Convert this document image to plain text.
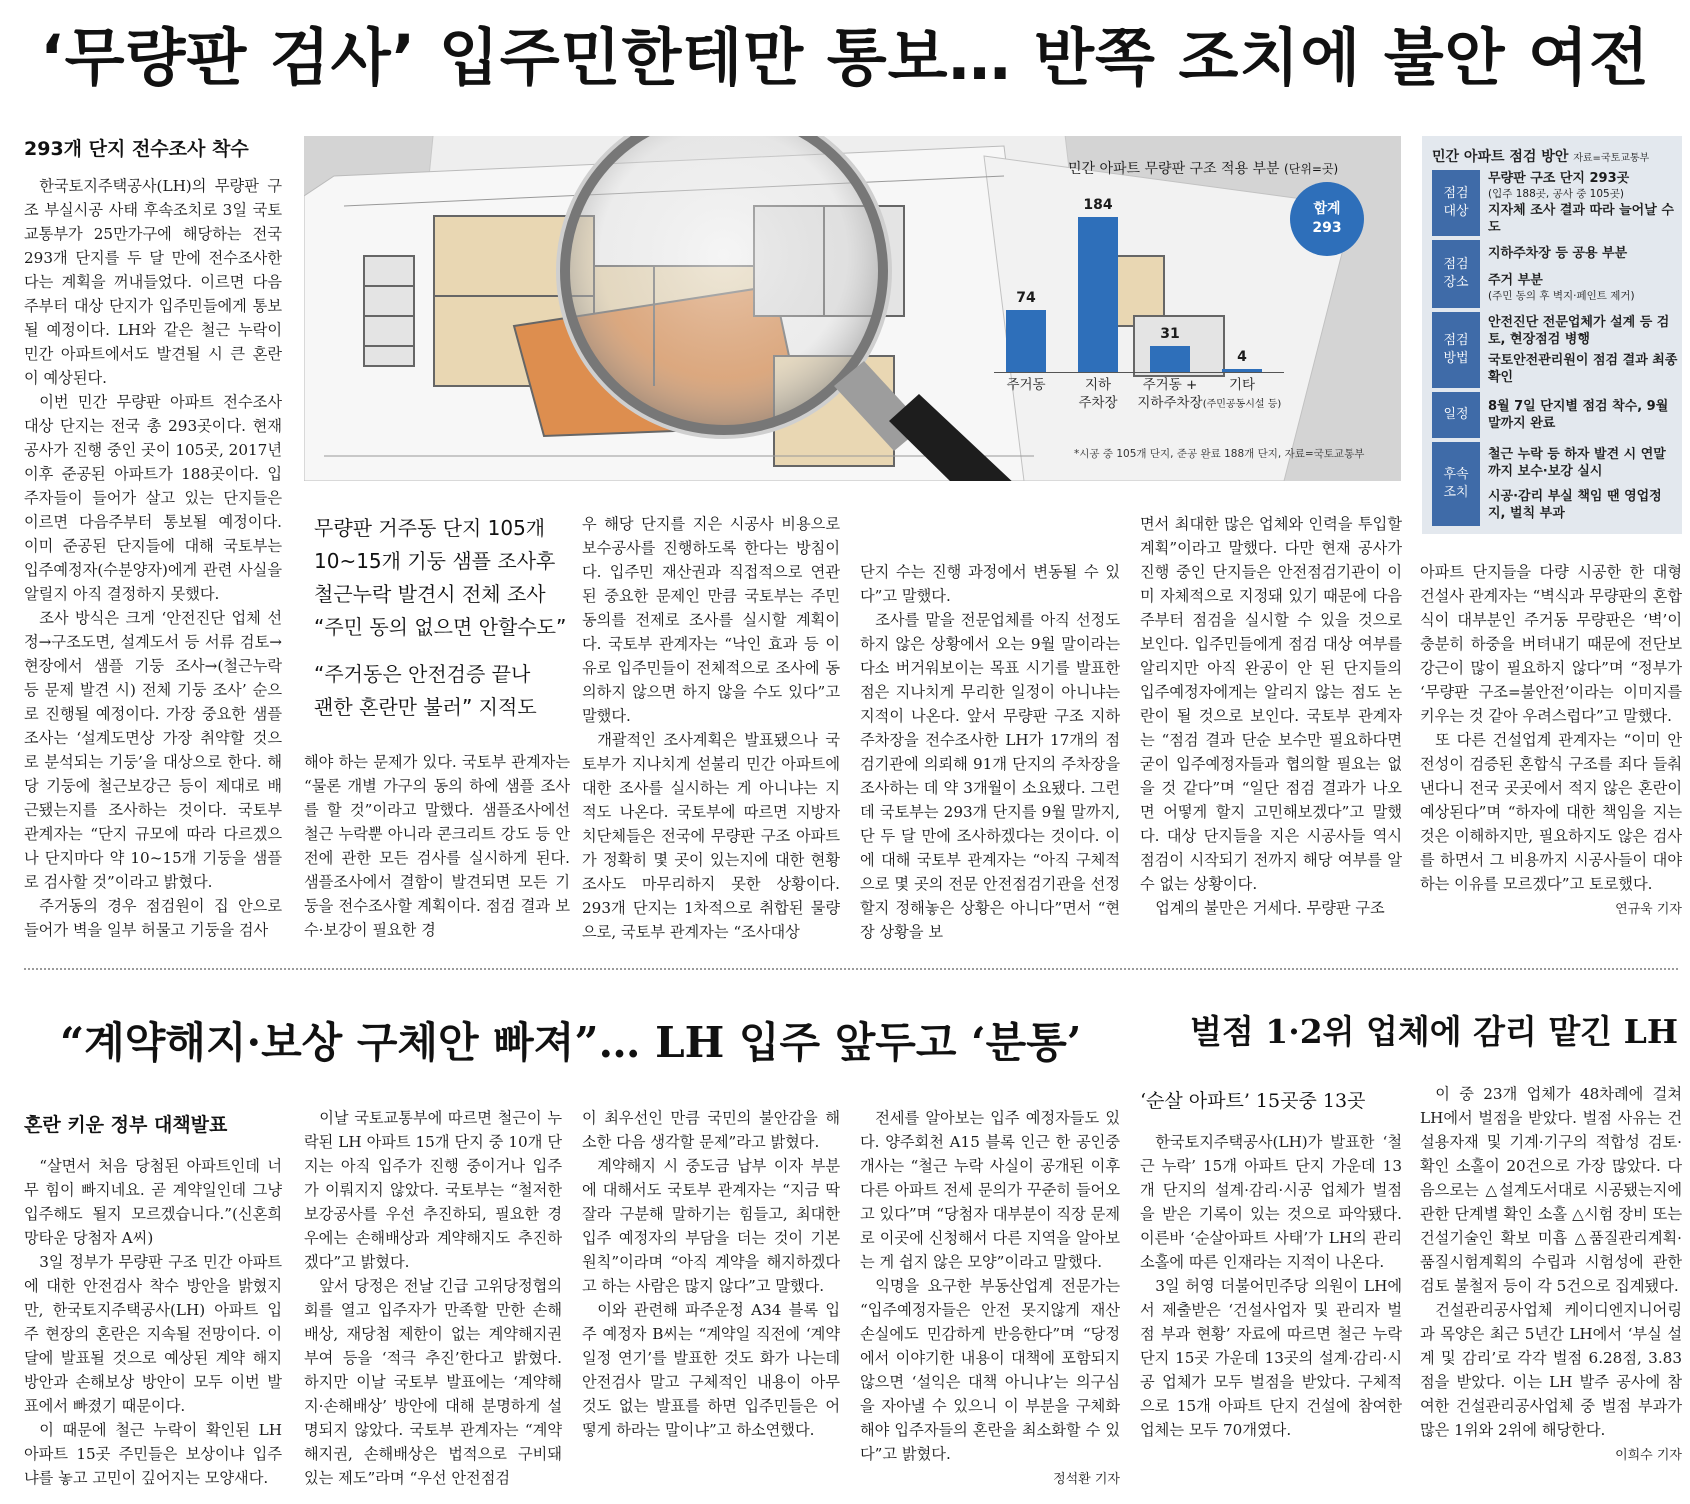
‘무량판 검사’ 입주민한테만 통보… 반쪽 조치에 불안 여전
293개 단지 전수조사 착수

한국토지주택공사(LH)의 무량판 구조 부실시공 사태 후속조치로 3일 국토교통부가 25만가구에 해당하는 전국 293개 단지를 두 달 만에 전수조사한다는 계획을 꺼내들었다. 이르면 다음주부터 대상 단지가 입주민들에게 통보될 예정이다. LH와 같은 철근 누락이 민간 아파트에서도 발견될 시 큰 혼란이 예상된다.

이번 민간 무량판 아파트 전수조사 대상 단지는 전국 총 293곳이다. 현재 공사가 진행 중인 곳이 105곳, 2017년 이후 준공된 아파트가 188곳이다. 입주자들이 들어가 살고 있는 단지들은 이르면 다음주부터 통보될 예정이다. 이미 준공된 단지들에 대해 국토부는 입주예정자(수분양자)에게 관련 사실을 알릴지 아직 결정하지 못했다.

조사 방식은 크게 ‘안전진단 업체 선정→구조도면, 설계도서 등 서류 검토→현장에서 샘플 기둥 조사→(철근누락 등 문제 발견 시) 전체 기둥 조사’ 순으로 진행될 예정이다. 가장 중요한 샘플 조사는 ‘설계도면상 가장 취약할 것으로 분석되는 기둥’을 대상으로 한다. 해당 기둥에 철근보강근 등이 제대로 배근됐는지를 조사하는 것이다. 국토부 관계자는 “단지 규모에 따라 다르겠으나 단지마다 약 10~15개 기둥을 샘플로 검사할 것”이라고 밝혔다.

주거동의 경우 점검원이 집 안으로 들어가 벽을 일부 허물고 기둥을 검사

민간 아파트 무량판 구조 적용 부분 (단위=곳)
합계
293
74
주거동
184
지하
주차장
31
주거동 +
지하주차장
4
기타
(주민공동시설 등)
*시공 중 105개 단지, 준공 완료 188개 단지, 자료=국토교통부
민간 아파트 점검 방안 자료=국토교통부
점검
대상
무량판 구조 단지 293곳
(입주 188곳, 공사 중 105곳)
지자체 조사 결과 따라 늘어날 수도
점검
장소
지하주차장 등 공용 부분
주거 부분
(주민 동의 후 벽지·페인트 제거)
점검
방법
안전진단 전문업체가 설계 등 검토, 현장점검 병행
국토안전관리원이 점검 결과 최종 확인
일정
8월 7일 단지별 점검 착수, 9월 말까지 완료
후속
조치
철근 누락 등 하자 발견 시 연말까지 보수·보강 실시
시공·감리 부실 책임 땐 영업정지, 벌칙 부과
무량판 거주동 단지 105개
10~15개 기둥 샘플 조사후
철근누락 발견시 전체 조사
“주민 동의 없으면 안할수도”
“주거동은 안전검증 끝나
괜한 혼란만 불러” 지적도

해야 하는 문제가 있다. 국토부 관계자는 “물론 개별 가구의 동의 하에 샘플 조사를 할 것”이라고 말했다. 샘플조사에선 철근 누락뿐 아니라 콘크리트 강도 등 안전에 관한 모든 검사를 실시하게 된다. 샘플조사에서 결함이 발견되면 모든 기둥을 전수조사할 계획이다. 점검 결과 보수·보강이 필요한 경

우 해당 단지를 지은 시공사 비용으로 보수공사를 진행하도록 한다는 방침이다. 입주민 재산권과 직접적으로 연관된 중요한 문제인 만큼 국토부는 주민 동의를 전제로 조사를 실시할 계획이다. 국토부 관계자는 “낙인 효과 등 이유로 입주민들이 전체적으로 조사에 동의하지 않으면 하지 않을 수도 있다”고 말했다.

개괄적인 조사계획은 발표됐으나 국토부가 지나치게 섣불리 민간 아파트에 대한 조사를 실시하는 게 아니냐는 지적도 나온다. 국토부에 따르면 지방자치단체들은 전국에 무량판 구조 아파트가 정확히 몇 곳이 있는지에 대한 현황 조사도 마무리하지 못한 상황이다. 293개 단지는 1차적으로 취합된 물량으로, 국토부 관계자는 “조사대상

단지 수는 진행 과정에서 변동될 수 있다”고 말했다.

조사를 맡을 전문업체를 아직 선정도 하지 않은 상황에서 오는 9월 말이라는 다소 버거워보이는 목표 시기를 발표한 점은 지나치게 무리한 일정이 아니냐는 지적이 나온다. 앞서 무량판 구조 지하주차장을 전수조사한 LH가 17개의 점검기관에 의뢰해 91개 단지의 주차장을 조사하는 데 약 3개월이 소요됐다. 그런데 국토부는 293개 단지를 9월 말까지, 단 두 달 만에 조사하겠다는 것이다. 이에 대해 국토부 관계자는 “아직 구체적으로 몇 곳의 전문 안전점검기관을 선정할지 정해놓은 상황은 아니다”면서 “현장 상황을 보

면서 최대한 많은 업체와 인력을 투입할 계획”이라고 말했다. 다만 현재 공사가 진행 중인 단지들은 안전점검기관이 이미 자체적으로 지정돼 있기 때문에 다음주부터 점검을 실시할 수 있을 것으로 보인다. 입주민들에게 점검 대상 여부를 알리지만 아직 완공이 안 된 단지들의 입주예정자에게는 알리지 않는 점도 논란이 될 것으로 보인다. 국토부 관계자는 “점검 결과 단순 보수만 필요하다면 굳이 입주예정자들과 협의할 필요는 없을 것 같다”며 “일단 점검 결과가 나오면 어떻게 할지 고민해보겠다”고 말했다. 대상 단지들을 지은 시공사들 역시 점검이 시작되기 전까지 해당 여부를 알 수 없는 상황이다.

업계의 불만은 거세다. 무량판 구조

아파트 단지들을 다량 시공한 한 대형 건설사 관계자는 “벽식과 무량판의 혼합식이 대부분인 주거동 무량판은 ‘벽’이 충분히 하중을 버텨내기 때문에 전단보강근이 많이 필요하지 않다”며 “정부가 ‘무량판 구조=불안전’이라는 이미지를 키우는 것 같아 우려스럽다”고 말했다.

또 다른 건설업계 관계자는 “이미 안전성이 검증된 혼합식 구조를 죄다 들춰낸다니 전국 곳곳에서 적지 않은 혼란이 예상된다”며 “하자에 대한 책임을 지는 것은 이해하지만, 필요하지도 않은 검사를 하면서 그 비용까지 시공사들이 대야 하는 이유를 모르겠다”고 토로했다.

연규욱 기자
“계약해지·보상 구체안 빠져”… LH 입주 앞두고 ‘분통’
혼란 키운 정부 대책발표

“살면서 처음 당첨된 아파트인데 너무 힘이 빠지네요. 곧 계약일인데 그냥 입주해도 될지 모르겠습니다.”(신혼희망타운 당첨자 A씨)

3일 정부가 무량판 구조 민간 아파트에 대한 안전검사 착수 방안을 밝혔지만, 한국토지주택공사(LH) 아파트 입주 현장의 혼란은 지속될 전망이다. 이달에 발표될 것으로 예상된 계약 해지 방안과 손해보상 방안이 모두 이번 발표에서 빠졌기 때문이다.

이 때문에 철근 누락이 확인된 LH 아파트 15곳 주민들은 보상이냐 입주냐를 놓고 고민이 깊어지는 모양새다.

이날 국토교통부에 따르면 철근이 누락된 LH 아파트 15개 단지 중 10개 단지는 아직 입주가 진행 중이거나 입주가 이뤄지지 않았다. 국토부는 “철저한 보강공사를 우선 추진하되, 필요한 경우에는 손해배상과 계약해지도 추진하겠다”고 밝혔다.

앞서 당정은 전날 긴급 고위당정협의회를 열고 입주자가 만족할 만한 손해배상, 재당첨 제한이 없는 계약해지권 부여 등을 ‘적극 추진’한다고 밝혔다. 하지만 이날 국토부 발표에는 ‘계약해지·손해배상’ 방안에 대해 분명하게 설명되지 않았다. 국토부 관계자는 “계약해지권, 손해배상은 법적으로 구비돼 있는 제도”라며 “우선 안전점검

이 최우선인 만큼 국민의 불안감을 해소한 다음 생각할 문제”라고 밝혔다.

계약해지 시 중도금 납부 이자 부분에 대해서도 국토부 관계자는 “지금 딱 잘라 구분해 말하기는 힘들고, 최대한 입주 예정자의 부담을 더는 것이 기본 원칙”이라며 “아직 계약을 해지하겠다고 하는 사람은 많지 않다”고 말했다.

이와 관련해 파주운정 A34 블록 입주 예정자 B씨는 “계약일 직전에 ‘계약 일정 연기’를 발표한 것도 화가 나는데 안전검사 말고 구체적인 내용이 아무 것도 없는 발표를 하면 입주민들은 어떻게 하라는 말이냐”고 하소연했다.

전세를 알아보는 입주 예정자들도 있다. 양주회천 A15 블록 인근 한 공인중개사는 “철근 누락 사실이 공개된 이후 다른 아파트 전세 문의가 꾸준히 들어오고 있다”며 “당첨자 대부분이 직장 문제로 이곳에 신청해서 다른 지역을 알아보는 게 쉽지 않은 모양”이라고 말했다.

익명을 요구한 부동산업계 전문가는 “입주예정자들은 안전 못지않게 재산 손실에도 민감하게 반응한다”며 “당정에서 이야기한 내용이 대책에 포함되지 않으면 ‘설익은 대책 아니냐’는 의구심을 자아낼 수 있으니 이 부분을 구체화해야 입주자들의 혼란을 최소화할 수 있다”고 밝혔다.

정석환 기자
벌점 1·2위 업체에 감리 맡긴 LH
‘순살 아파트’ 15곳중 13곳

한국토지주택공사(LH)가 발표한 ‘철근 누락’ 15개 아파트 단지 가운데 13개 단지의 설계·감리·시공 업체가 벌점을 받은 기록이 있는 것으로 파악됐다. 이른바 ‘순살아파트 사태’가 LH의 관리 소홀에 따른 인재라는 지적이 나온다.

3일 허영 더불어민주당 의원이 LH에서 제출받은 ‘건설사업자 및 관리자 벌점 부과 현황’ 자료에 따르면 철근 누락 단지 15곳 가운데 13곳의 설계·감리·시공 업체가 모두 벌점을 받았다. 구체적으로 15개 아파트 단지 건설에 참여한 업체는 모두 70개였다.

이 중 23개 업체가 48차례에 걸쳐 LH에서 벌점을 받았다. 벌점 사유는 건설용자재 및 기계·기구의 적합성 검토·확인 소홀이 20건으로 가장 많았다. 다음으로는 △설계도서대로 시공됐는지에 관한 단계별 확인 소홀 △시험 장비 또는 건설기술인 확보 미흡 △품질관리계획·품질시험계획의 수립과 시험성에 관한 검토 불철저 등이 각 5건으로 집계됐다.

건설관리공사업체 케이디엔지니어링과 목양은 최근 5년간 LH에서 ‘부실 설계 및 감리’로 각각 벌점 6.28점, 3.83점을 받았다. 이는 LH 발주 공사에 참여한 건설관리공사업체 중 벌점 부과가 많은 1위와 2위에 해당한다.

이희수 기자
